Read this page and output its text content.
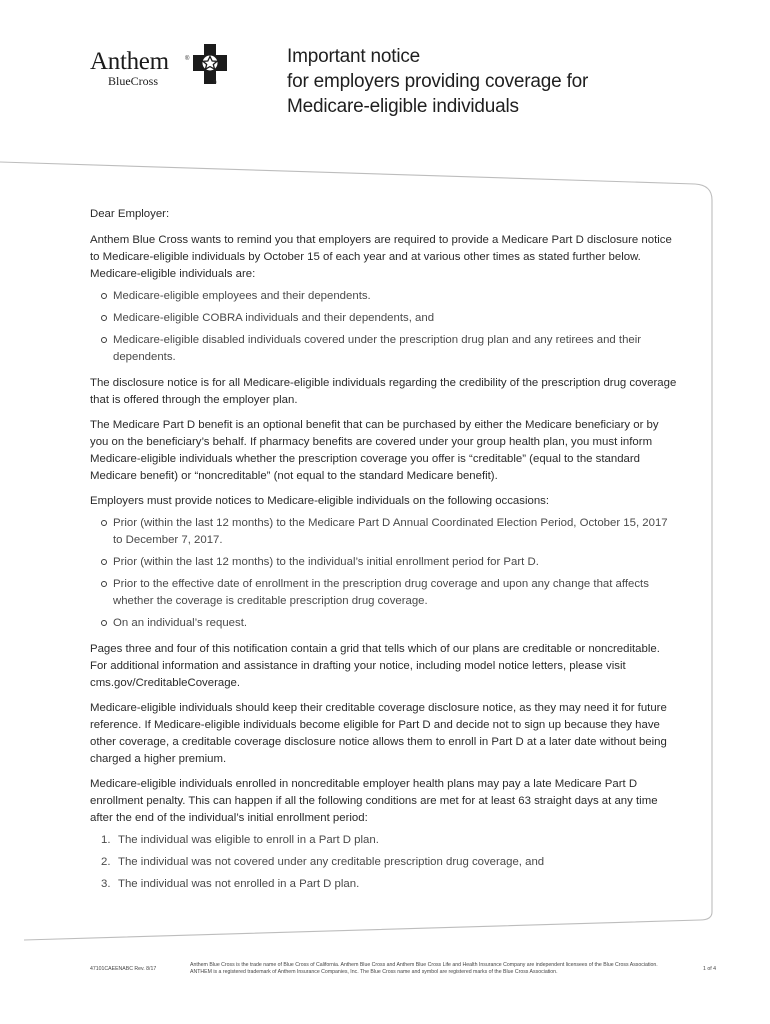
Anthem	®
BlueCross	®
Important notice
for employers providing coverage for
Medicare-eligible individuals

Dear Employer:

Anthem Blue Cross wants to remind you that employers are required to provide a Medicare Part D disclosure notice to Medicare-eligible individuals by October 15 of each year and at various other times as stated further below. Medicare-eligible individuals are:

Medicare-eligible employees and their dependents.
Medicare-eligible COBRA individuals and their dependents, and
Medicare-eligible disabled individuals covered under the prescription drug plan and any retirees and their dependents.

The disclosure notice is for all Medicare-eligible individuals regarding the credibility of the prescription drug coverage that is offered through the employer plan.

The Medicare Part D benefit is an optional benefit that can be purchased by either the Medicare beneficiary or by you on the beneficiary’s behalf. If pharmacy benefits are covered under your group health plan, you must inform Medicare-eligible individuals whether the prescription coverage you offer is “creditable” (equal to the standard Medicare benefit) or “noncreditable” (not equal to the standard Medicare benefit).

Employers must provide notices to Medicare-eligible individuals on the following occasions:

Prior (within the last 12 months) to the Medicare Part D Annual Coordinated Election Period, October 15, 2017 to December 7, 2017.
Prior (within the last 12 months) to the individual’s initial enrollment period for Part D.
Prior to the effective date of enrollment in the prescription drug coverage and upon any change that affects whether the coverage is creditable prescription drug coverage.
On an individual’s request.

Pages three and four of this notification contain a grid that tells which of our plans are creditable or noncreditable. For additional information and assistance in drafting your notice, including model notice letters, please visit cms.gov/CreditableCoverage.

Medicare-eligible individuals should keep their creditable coverage disclosure notice, as they may need it for future reference. If Medicare-eligible individuals become eligible for Part D and decide not to sign up because they have other coverage, a creditable coverage disclosure notice allows them to enroll in Part D at a later date without being charged a higher premium.

Medicare-eligible individuals enrolled in noncreditable employer health plans may pay a late Medicare Part D enrollment penalty. This can happen if all the following conditions are met for at least 63 straight days at any time after the end of the individual’s initial enrollment period:

1. The individual was eligible to enroll in a Part D plan.
2. The individual was not covered under any creditable prescription drug coverage, and
3. The individual was not enrolled in a Part D plan.
47101CAEENABC Rev. 8/17
Anthem Blue Cross is the trade name of Blue Cross of California. Anthem Blue Cross and Anthem Blue Cross Life and Health Insurance Company are independent licensees of the Blue Cross Association.
ANTHEM is a registered trademark of Anthem Insurance Companies, Inc. The Blue Cross name and symbol are registered marks of the Blue Cross Association.	1 of 4
